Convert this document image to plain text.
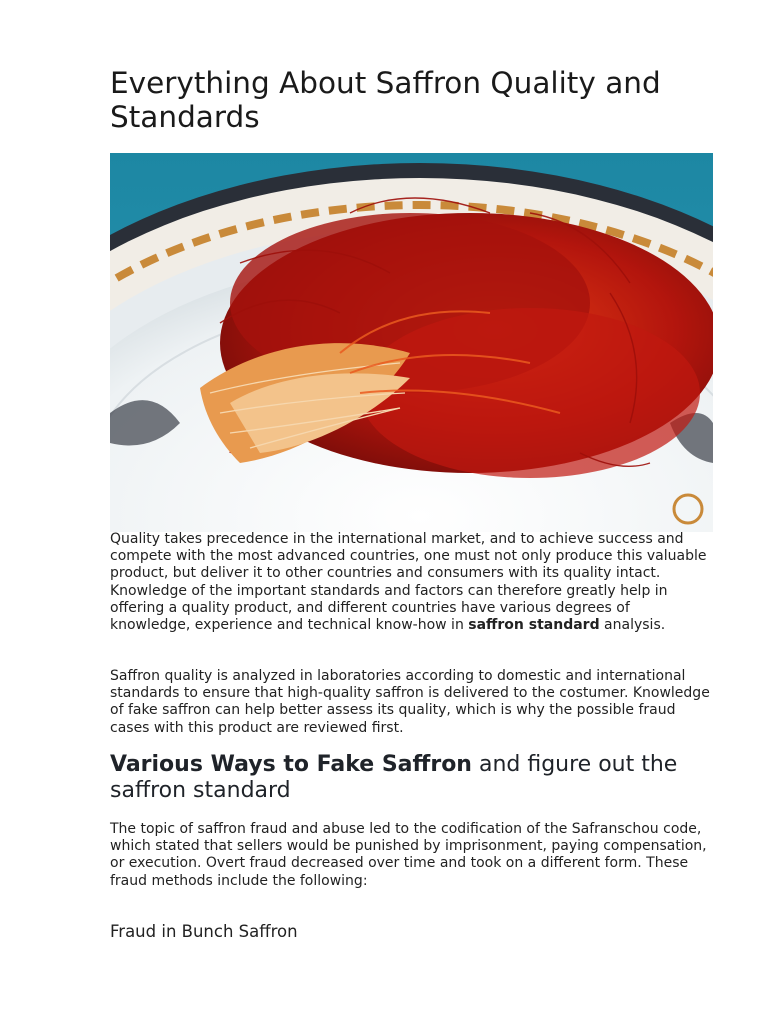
Everything About Saffron Quality and Standards

Quality takes precedence in the international market, and to achieve success and compete with the most advanced countries, one must not only produce this valuable product, but deliver it to other countries and consumers with its quality intact. Knowledge of the important standards and factors can therefore greatly help in offering a quality product, and different countries have various degrees of knowledge, experience and technical know-how in saffron standard analysis.

Saffron quality is analyzed in laboratories according to domestic and international standards to ensure that high-quality saffron is delivered to the costumer. Knowledge of fake saffron can help better assess its quality, which is why the possible fraud cases with this product are reviewed first.

Various Ways to Fake Saffron and figure out the saffron standard

The topic of saffron fraud and abuse led to the codification of the Safranschou code, which stated that sellers would be punished by imprisonment, paying compensation, or execution. Overt fraud decreased over time and took on a different form. These fraud methods include the following:

Fraud in Bunch Saffron
